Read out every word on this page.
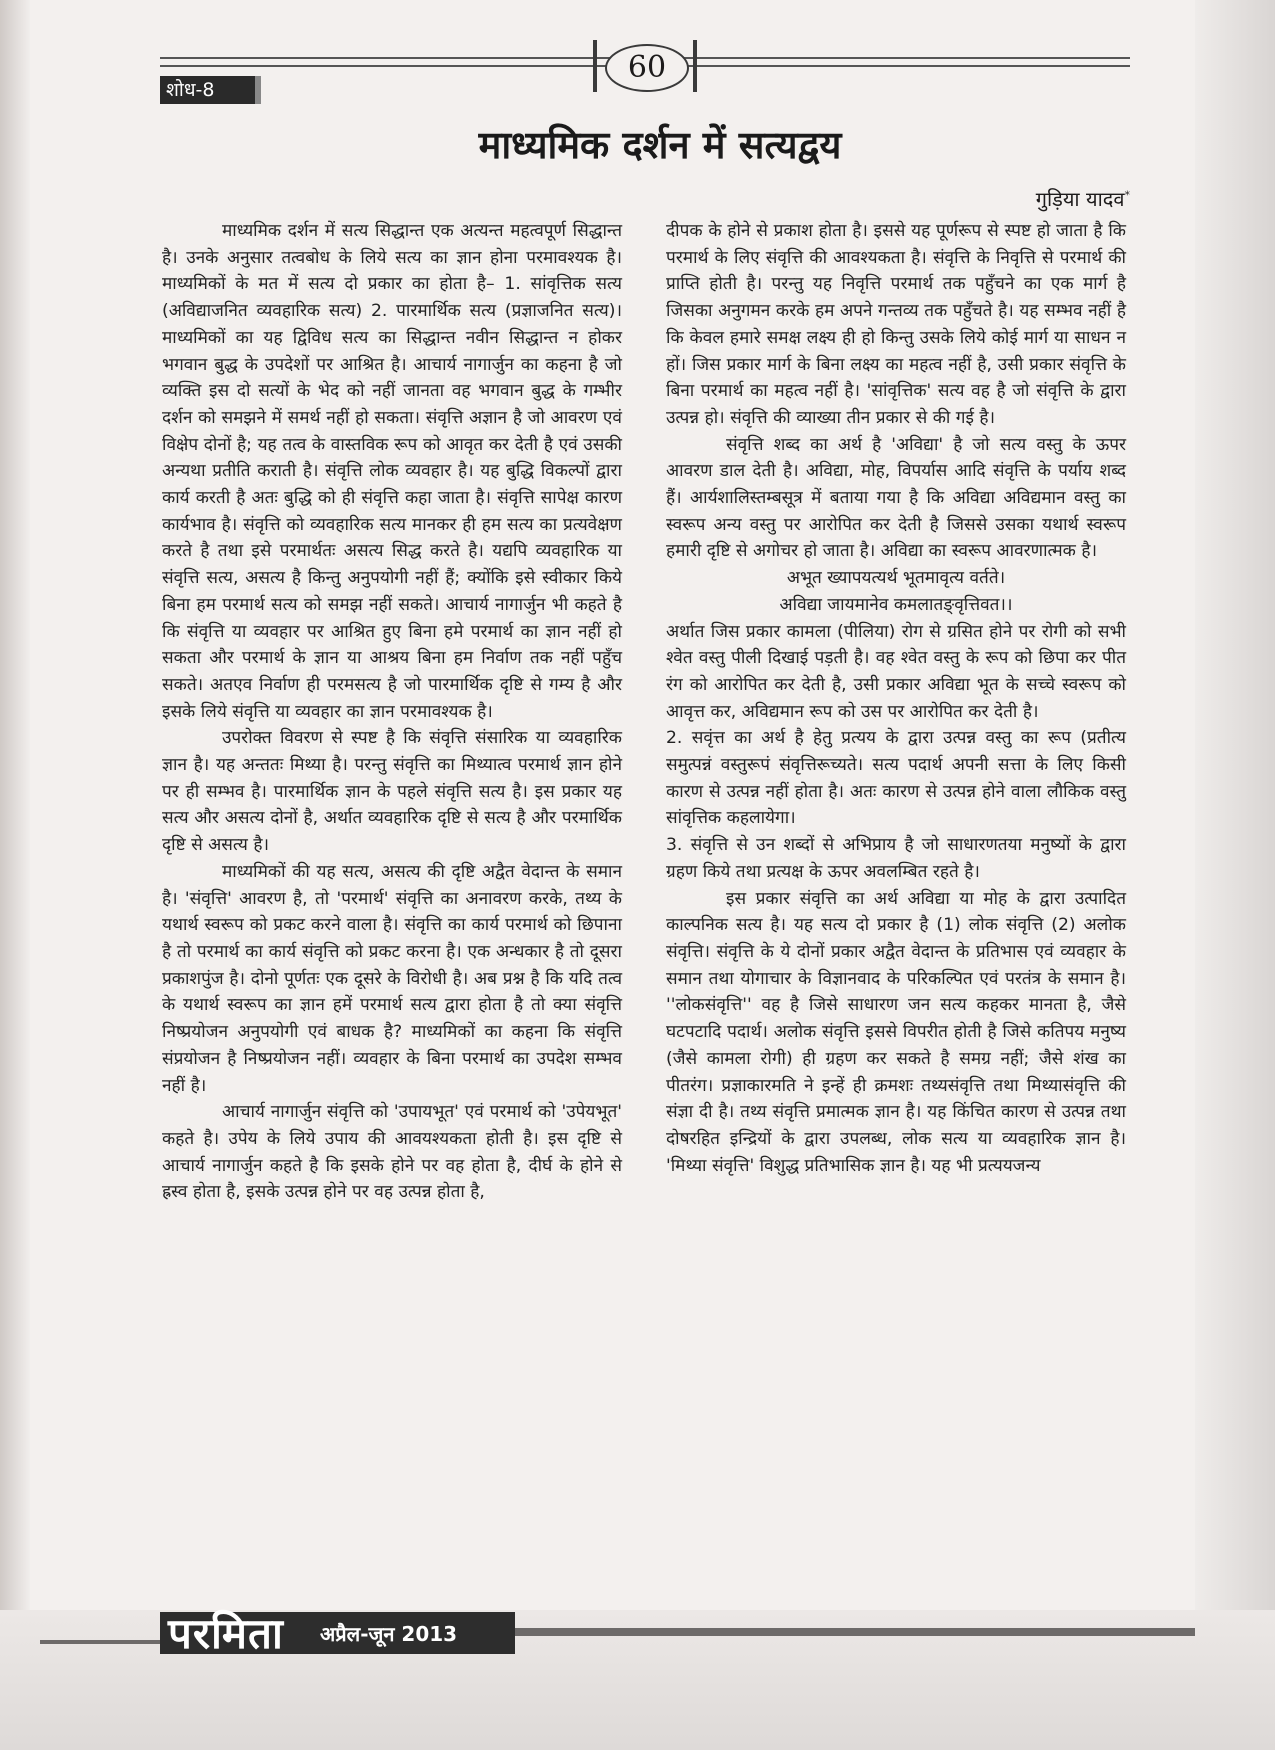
60
शोध-8
माध्यमिक दर्शन में सत्यद्वय
गुड़िया यादव*

माध्यमिक दर्शन में सत्य सिद्धान्त एक अत्यन्त महत्वपूर्ण सिद्धान्त है। उनके अनुसार तत्वबोध के लिये सत्य का ज्ञान होना परमावश्यक है। माध्यमिकों के मत में सत्य दो प्रकार का होता है– 1. सांवृत्तिक सत्य (अविद्याजनित व्यवहारिक सत्य) 2. पारमार्थिक सत्य (प्रज्ञाजनित सत्य)। माध्यमिकों का यह द्विविध सत्य का सिद्धान्त नवीन सिद्धान्त न होकर भगवान बुद्ध के उपदेशों पर आश्रित है। आचार्य नागार्जुन का कहना है जो व्यक्ति इस दो सत्यों के भेद को नहीं जानता वह भगवान बुद्ध के गम्भीर दर्शन को समझने में समर्थ नहीं हो सकता। संवृत्ति अज्ञान है जो आवरण एवं विक्षेप दोनों है; यह तत्व के वास्तविक रूप को आवृत कर देती है एवं उसकी अन्यथा प्रतीति कराती है। संवृत्ति लोक व्यवहार है। यह बुद्धि विकल्पों द्वारा कार्य करती है अतः बुद्धि को ही संवृत्ति कहा जाता है। संवृत्ति सापेक्ष कारण कार्यभाव है। संवृत्ति को व्यवहारिक सत्य मानकर ही हम सत्य का प्रत्यवेक्षण करते है तथा इसे परमार्थतः असत्य सिद्ध करते है। यद्यपि व्यवहारिक या संवृत्ति सत्य, असत्य है किन्तु अनुपयोगी नहीं हैं; क्योंकि इसे स्वीकार किये बिना हम परमार्थ सत्य को समझ नहीं सकते। आचार्य नागार्जुन भी कहते है कि संवृत्ति या व्यवहार पर आश्रित हुए बिना हमे परमार्थ का ज्ञान नहीं हो सकता और परमार्थ के ज्ञान या आश्रय बिना हम निर्वाण तक नहीं पहुँच सकते। अतएव निर्वाण ही परमसत्य है जो पारमार्थिक दृष्टि से गम्य है और इसके लिये संवृत्ति या व्यवहार का ज्ञान परमावश्यक है।

उपरोक्त विवरण से स्पष्ट है कि संवृत्ति संसारिक या व्यवहारिक ज्ञान है। यह अन्ततः मिथ्या है। परन्तु संवृत्ति का मिथ्यात्व परमार्थ ज्ञान होने पर ही सम्भव है। पारमार्थिक ज्ञान के पहले संवृत्ति सत्य है। इस प्रकार यह सत्य और असत्य दोनों है, अर्थात व्यवहारिक दृष्टि से सत्य है और परमार्थिक दृष्टि से असत्य है।

माध्यमिकों की यह सत्य, असत्य की दृष्टि अद्वैत वेदान्त के समान है। 'संवृत्ति' आवरण है, तो 'परमार्थ' संवृत्ति का अनावरण करके, तथ्य के यथार्थ स्वरूप को प्रकट करने वाला है। संवृत्ति का कार्य परमार्थ को छिपाना है तो परमार्थ का कार्य संवृत्ति को प्रकट करना है। एक अन्धकार है तो दूसरा प्रकाशपुंज है। दोनो पूर्णतः एक दूसरे के विरोधी है। अब प्रश्न है कि यदि तत्व के यथार्थ स्वरूप का ज्ञान हमें परमार्थ सत्य द्वारा होता है तो क्या संवृत्ति निष्प्रयोजन अनुपयोगी एवं बाधक है? माध्यमिकों का कहना कि संवृत्ति संप्रयोजन है निष्प्रयोजन नहीं। व्यवहार के बिना परमार्थ का उपदेश सम्भव नहीं है।

आचार्य नागार्जुन संवृत्ति को 'उपायभूत' एवं परमार्थ को 'उपेयभूत' कहते है। उपेय के लिये उपाय की आवयश्यकता होती है। इस दृष्टि से आचार्य नागार्जुन कहते है कि इसके होने पर वह होता है, दीर्घ के होने से ह्रस्व होता है, इसके उत्पन्न होने पर वह उत्पन्न होता है,

दीपक के होने से प्रकाश होता है। इससे यह पूर्णरूप से स्पष्ट हो जाता है कि परमार्थ के लिए संवृत्ति की आवश्यकता है। संवृत्ति के निवृत्ति से परमार्थ की प्राप्ति होती है। परन्तु यह निवृत्ति परमार्थ तक पहुँचने का एक मार्ग है जिसका अनुगमन करके हम अपने गन्तव्य तक पहुँचते है। यह सम्भव नहीं है कि केवल हमारे समक्ष लक्ष्य ही हो किन्तु उसके लिये कोई मार्ग या साधन न हों। जिस प्रकार मार्ग के बिना लक्ष्य का महत्व नहीं है, उसी प्रकार संवृत्ति के बिना परमार्थ का महत्व नहीं है। 'सांवृत्तिक' सत्य वह है जो संवृत्ति के द्वारा उत्पन्न हो। संवृत्ति की व्याख्या तीन प्रकार से की गई है।

संवृत्ति शब्द का अर्थ है 'अविद्या' है जो सत्य वस्तु के ऊपर आवरण डाल देती है। अविद्या, मोह, विपर्यास आदि संवृत्ति के पर्याय शब्द हैं। आर्यशालिस्तम्बसूत्र में बताया गया है कि अविद्या अविद्यमान वस्तु का स्वरूप अन्य वस्तु पर आरोपित कर देती है जिससे उसका यथार्थ स्वरूप हमारी दृष्टि से अगोचर हो जाता है। अविद्या का स्वरूप आवरणात्मक है।

अभूत ख्यापयत्यर्थ भूतमावृत्य वर्तते।

अविद्या जायमानेव कमलातङ्वृत्तिवत।।

अर्थात जिस प्रकार कामला (पीलिया) रोग से ग्रसित होने पर रोगी को सभी श्वेत वस्तु पीली दिखाई पड़ती है। वह श्वेत वस्तु के रूप को छिपा कर पीत रंग को आरोपित कर देती है, उसी प्रकार अविद्या भूत के सच्चे स्वरूप को आवृत्त कर, अविद्यमान रूप को उस पर आरोपित कर देती है।

2. सवृंत्त का अर्थ है हेतु प्रत्यय के द्वारा उत्पन्न वस्तु का रूप (प्रतीत्य समुत्पन्नं वस्तुरूपं संवृत्तिरूच्यते। सत्य पदार्थ अपनी सत्ता के लिए किसी कारण से उत्पन्न नहीं होता है। अतः कारण से उत्पन्न होने वाला लौकिक वस्तु सांवृत्तिक कहलायेगा।

3. संवृत्ति से उन शब्दों से अभिप्राय है जो साधारणतया मनुष्यों के द्वारा ग्रहण किये तथा प्रत्यक्ष के ऊपर अवलम्बित रहते है।

इस प्रकार संवृत्ति का अर्थ अविद्या या मोह के द्वारा उत्पादित काल्पनिक सत्य है। यह सत्य दो प्रकार है (1) लोक संवृत्ति (2) अलोक संवृत्ति। संवृत्ति के ये दोनों प्रकार अद्वैत वेदान्त के प्रतिभास एवं व्यवहार के समान तथा योगाचार के विज्ञानवाद के परिकल्पित एवं परतंत्र के समान है। ''लोकसंवृत्ति'' वह है जिसे साधारण जन सत्य कहकर मानता है, जैसे घटपटादि पदार्थ। अलोक संवृत्ति इससे विपरीत होती है जिसे कतिपय मनुष्य (जैसे कामला रोगी) ही ग्रहण कर सकते है समग्र नहीं; जैसे शंख का पीतरंग। प्रज्ञाकारमति ने इन्हें ही क्रमशः तथ्यसंवृत्ति तथा मिथ्यासंवृत्ति की संज्ञा दी है। तथ्य संवृत्ति प्रमात्मक ज्ञान है। यह किंचित कारण से उत्पन्न तथा दोषरहित इन्द्रियों के द्वारा उपलब्ध, लोक सत्य या व्यवहारिक ज्ञान है। 'मिथ्या संवृत्ति' विशुद्ध प्रतिभासिक ज्ञान है। यह भी प्रत्ययजन्य

परमिता अप्रैल-जून 2013
